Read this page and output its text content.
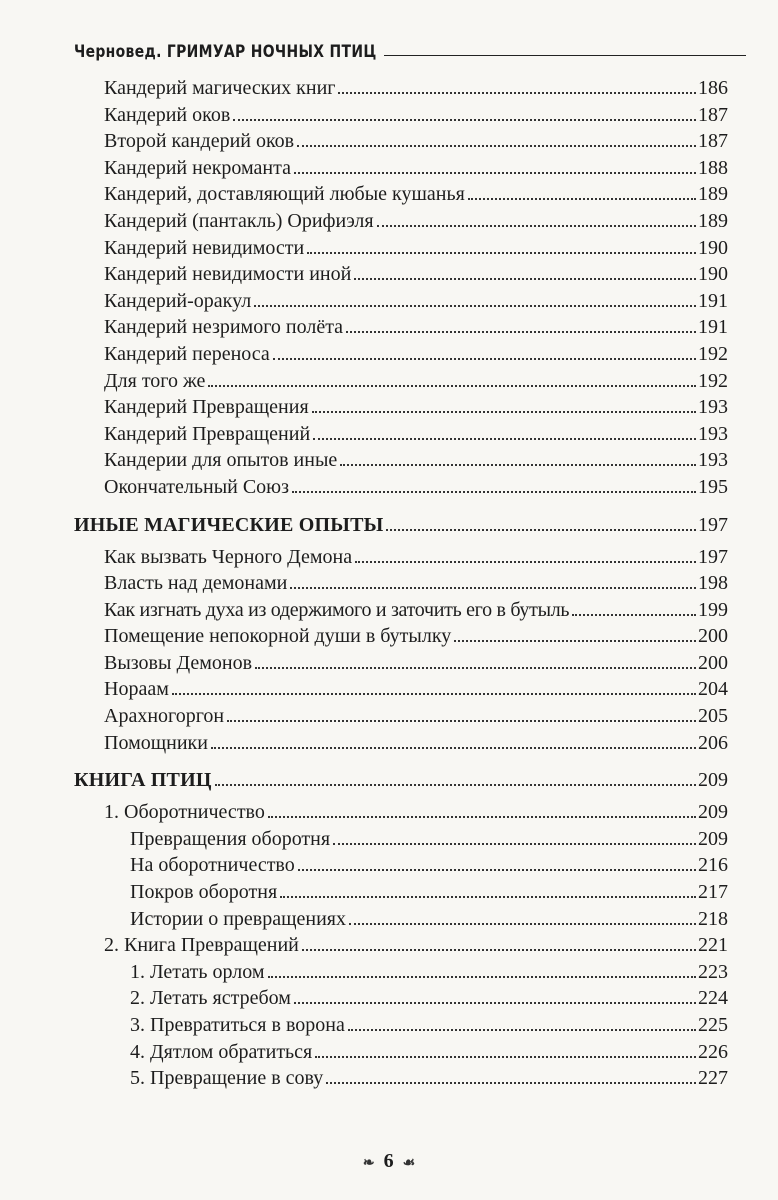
Черновед. ГРИМУАР НОЧНЫХ ПТИЦ
Кандерий магических книг	186
Кандерий оков	187
Второй кандерий оков	187
Кандерий некроманта	188
Кандерий, доставляющий любые кушанья	189
Кандерий (пантакль) Орифиэля	189
Кандерий невидимости	190
Кандерий невидимости иной	190
Кандерий-оракул	191
Кандерий незримого полёта	191
Кандерий переноса	192
Для того же	192
Кандерий Превращения	193
Кандерий Превращений	193
Кандерии для опытов иные	193
Окончательный Союз	195
ИНЫЕ МАГИЧЕСКИЕ ОПЫТЫ	197
Как вызвать Черного Демона	197
Власть над демонами	198
Как изгнать духа из одержимого и заточить его в бутыль	199
Помещение непокорной души в бутылку	200
Вызовы Демонов	200
Нораам	204
Арахногоргон	205
Помощники	206
КНИГА ПТИЦ	209
1. Оборотничество	209
Превращения оборотня	209
На оборотничество	216
Покров оборотня	217
Истории о превращениях	218
2. Книга Превращений	221
1. Летать орлом	223
2. Летать ястребом	224
3. Превратиться в ворона	225
4. Дятлом обратиться	226
5. Превращение в сову	227
❧ 6 ☙
